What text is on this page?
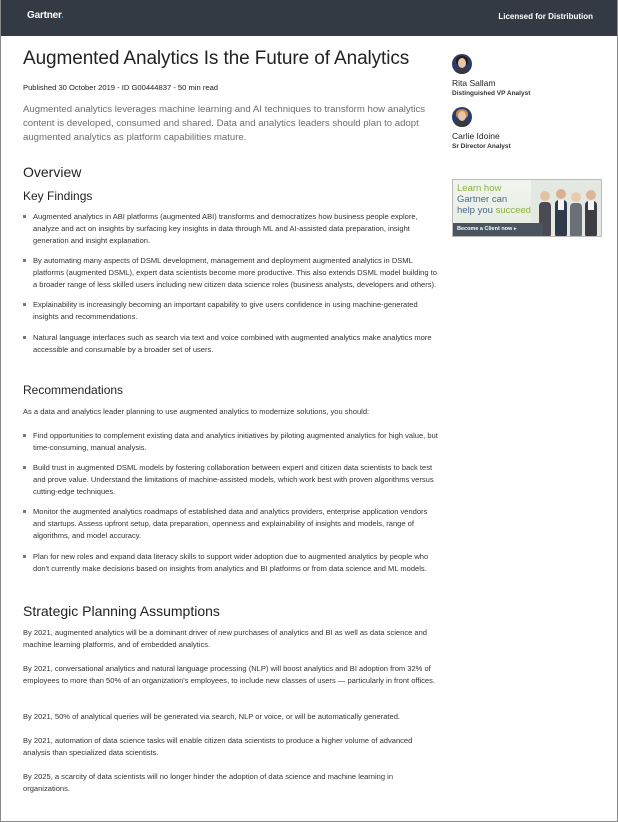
Gartner.	Licensed for Distribution
Augmented Analytics Is the Future of Analytics
Published 30 October 2019 - ID G00444837 - 50 min read

Augmented analytics leverages machine learning and AI techniques to transform how analytics content is developed, consumed and shared. Data and analytics leaders should plan to adopt augmented analytics as platform capabilities mature.

Rita Sallam
Distinguished VP Analyst
Carlie Idoine
Sr Director Analyst
Learn how
Gartner can
help you succeed
Become a Client now ▸
Overview
Key Findings
Augmented analytics in ABI platforms (augmented ABI) transforms and democratizes how business people explore, analyze and act on insights by surfacing key insights in data through ML and AI-assisted data preparation, insight generation and insight explanation.
By automating many aspects of DSML development, management and deployment augmented analytics in DSML platforms (augmented DSML), expert data scientists become more productive. This also extends DSML model building to a broader range of less skilled users including new citizen data science roles (business analysts, developers and others).
Explainability is increasingly becoming an important capability to give users confidence in using machine-generated insights and recommendations.
Natural language interfaces such as search via text and voice combined with augmented analytics make analytics more accessible and consumable by a broader set of users.
Recommendations
As a data and analytics leader planning to use augmented analytics to modernize solutions, you should:
Find opportunities to complement existing data and analytics initiatives by piloting augmented analytics for high value, but time-consuming, manual analysis.
Build trust in augmented DSML models by fostering collaboration between expert and citizen data scientists to back test and prove value. Understand the limitations of machine-assisted models, which work best with proven algorithms versus cutting-edge techniques.
Monitor the augmented analytics roadmaps of established data and analytics providers, enterprise application vendors and startups. Assess upfront setup, data preparation, openness and explainability of insights and models, range of algorithms, and model accuracy.
Plan for new roles and expand data literacy skills to support wider adoption due to augmented analytics by people who don't currently make decisions based on insights from analytics and BI platforms or from data science and ML models.
Strategic Planning Assumptions
By 2021, augmented analytics will be a dominant driver of new purchases of analytics and BI as well as data science and machine learning platforms, and of embedded analytics.
By 2021, conversational analytics and natural language processing (NLP) will boost analytics and BI adoption from 32% of employees to more than 50% of an organization's employees, to include new classes of users — particularly in front offices.
By 2021, 50% of analytical queries will be generated via search, NLP or voice, or will be automatically generated.
By 2021, automation of data science tasks will enable citizen data scientists to produce a higher volume of advanced analysis than specialized data scientists.
By 2025, a scarcity of data scientists will no longer hinder the adoption of data science and machine learning in organizations.
